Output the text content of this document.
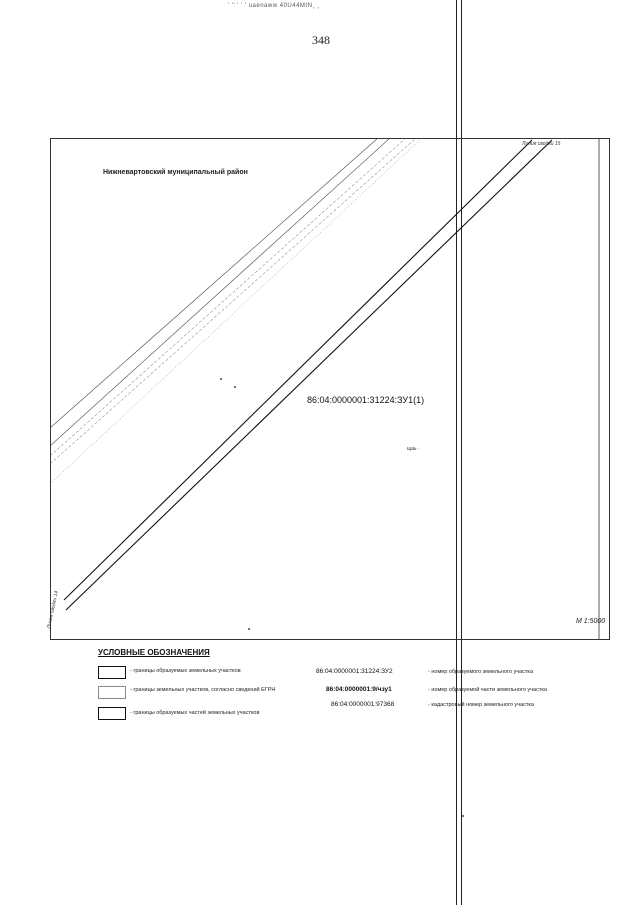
' '' ' ' ' uaenaww 40U44MtN¸ ¸
348
Нижневартовский муниципальный район
86:04:0000001:31224:ЗУ1(1)
щаь ·
Линия сводки 15
Линия сводки 14	М 1:5000
УСЛОВНЫЕ ОБОЗНАЧЕНИЯ
- границы образуемых земельных участков	86:04:0000001:31224:ЗУ2	- номер образуемого земельного участка
- границы земельных участков, согласно сведений ЕГРН	86:04:0000001:9/чзу1	- номер образуемой части земельного участка
- границы образуемых частей земельных участков
86:04:0000001:97368	- кадастровый номер земельного участка
